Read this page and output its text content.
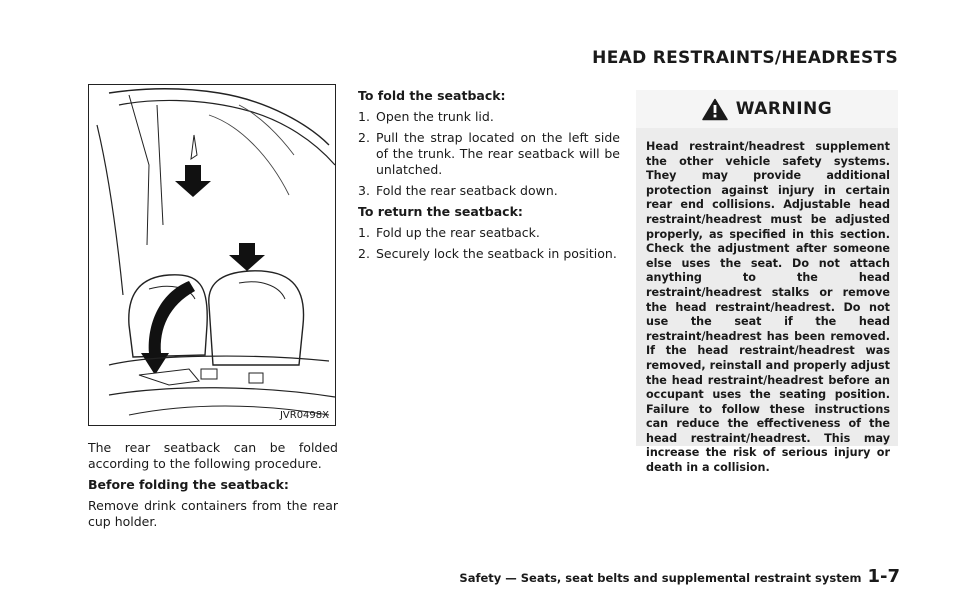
HEAD RESTRAINTS/HEADRESTS
JVR0498X

The rear seatback can be folded according to the following procedure.

Before folding the seatback:

Remove drink containers from the rear cup holder.

To fold the seatback:

1. Open the trunk lid.
2. Pull the strap located on the left side of the trunk. The rear seatback will be unlatched.
3. Fold the rear seatback down.

To return the seatback:

1. Fold up the rear seatback.
2. Securely lock the seatback in position.
WARNING
Head restraint/headrest supplement the other vehicle safety systems. They may provide additional protection against injury in certain rear end collisions. Adjustable head restraint/headrest must be adjusted properly, as specified in this section. Check the adjustment after someone else uses the seat. Do not attach anything to the head restraint/headrest stalks or remove the head restraint/headrest. Do not use the seat if the head restraint/headrest has been removed. If the head restraint/headrest was removed, reinstall and properly adjust the head restraint/headrest before an occupant uses the seating position. Failure to follow these instructions can reduce the effectiveness of the head restraint/headrest. This may increase the risk of serious injury or death in a collision.
Safety — Seats, seat belts and supplemental restraint system 1-7
